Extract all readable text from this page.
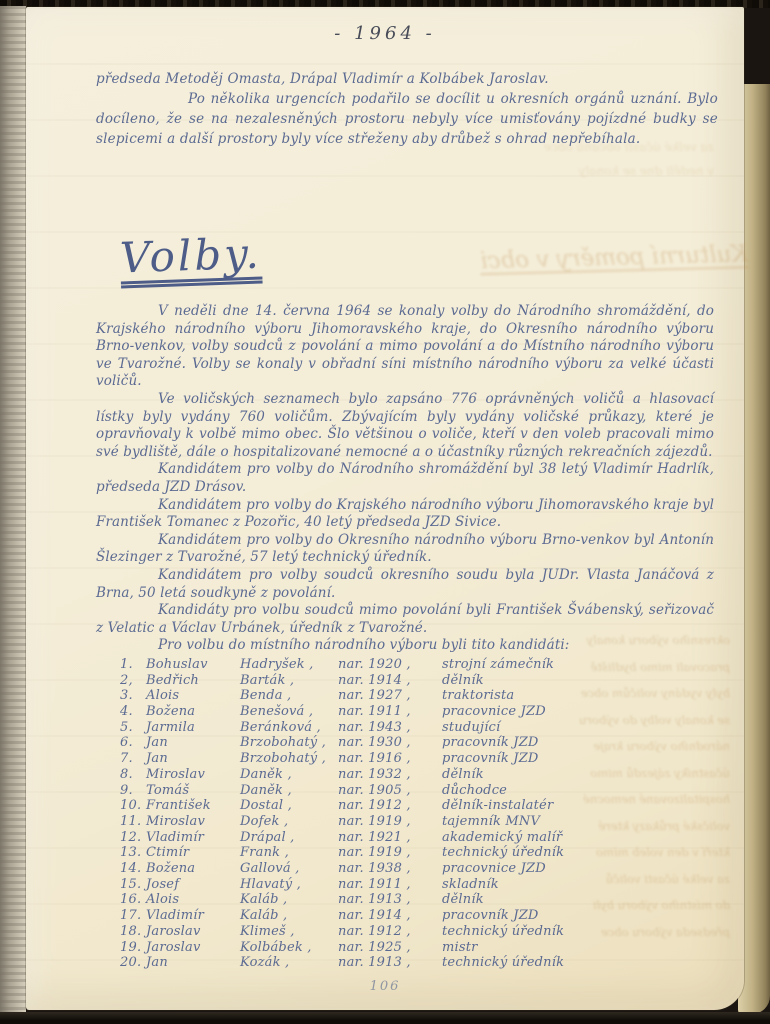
- 1964 -
za velké účasti občanů obce
v neděli dne se konaly

předseda Metoděj Omasta, Drápal Vladimír a Kolbábek Jaroslav.

Po několika urgencích podařilo se docílit u okresních orgánů uznání. Bylo docíleno, že se na nezalesněných prostoru nebyly více umisťovány pojízdné budky se slepicemi a další prostory byly více střeženy aby drůbež s ohrad nepřebíhala.

Kulturní poměry v obci
Volby.

V neděli dne 14. června 1964 se konaly volby do Národního shromáždění, do Krajského národního výboru Jihomoravského kraje, do Okresního národního výboru Brno-venkov, volby soudců z povolání a mimo povolání a do Místního národního výboru ve Tvarožné. Volby se konaly v obřadní síni místního národního výboru za velké účasti voličů.

Ve voličských seznamech bylo zapsáno 776 oprávněných voličů a hlasovací lístky byly vydány 760 voličům. Zbývajícím byly vydány voličské průkazy, které je opravňovaly k volbě mimo obec. Šlo většinou o voliče, kteří v den voleb pracovali mimo své bydliště, dále o hospitalizované nemocné a o účastníky různých rekreačních zájezdů.

Kandidátem pro volby do Národního shromáždění byl 38 letý Vladimír Hadrlík, předseda JZD Drásov.

Kandidátem pro volby do Krajského národního výboru Jihomoravského kraje byl František Tomanec z Pozořic, 40 letý předseda JZD Sivice.

Kandidátem pro volby do Okresního národního výboru Brno-venkov byl Antonín Šlezinger z Tvarožné, 57 letý technický úředník.

Kandidátem pro volby soudců okresního soudu byla JUDr. Vlasta Janáčová z Brna, 50 letá soudkyně z povolání.

Kandidáty pro volbu soudců mimo povolání byli František Švábenský, seřizovač z Velatic a Václav Urbánek, úředník z Tvarožné.

Pro volbu do místního národního výboru byli tito kandidáti:

1.	Bohuslav	Hadryšek ,	nar. 1920 ,	strojní zámečník
2,	Bedřich	Barták ,	nar. 1914 ,	dělník
3.	Alois	Benda ,	nar. 1927 ,	traktorista
4.	Božena	Benešová ,	nar. 1911 ,	pracovnice JZD
5.	Jarmila	Beránková ,	nar. 1943 ,	studující
6.	Jan	Brzobohatý , nar. 1930 ,	pracovník JZD
7.	Jan	Brzobohatý , nar. 1916 ,	pracovník JZD
8.	Miroslav	Daněk ,	nar. 1932 ,	dělník
9.	Tomáš	Daněk ,	nar. 1905 ,	důchodce
10. František	Dostal ,	nar. 1912 ,	dělník-instalatér
11. Miroslav	Dofek ,	nar. 1919 ,	tajemník MNV
12. Vladimír	Drápal ,	nar. 1921 ,	akademický malíř
13. Ctimír	Frank ,	nar. 1919 ,	technický úředník
14. Božena	Gallová ,	nar. 1938 ,	pracovnice JZD
15. Josef	Hlavatý ,	nar. 1911 ,	skladník
16. Alois	Kaláb ,	nar. 1913 ,	dělník
17. Vladimír	Kaláb ,	nar. 1914 ,	pracovník JZD
18. Jaroslav	Klimeš ,	nar. 1912 ,	technický úředník
19. Jaroslav	Kolbábek ,	nar. 1925 ,	mistr
20. Jan	Kozák ,	nar. 1913 ,	technický úředník
okresního výboru konaly
pracovali mimo bydliště
byly vydány voličům obce
se konaly volby do výboru
národního výboru kraje
účastníky zájezdů mimo
hospitalizované nemocné
voličské průkazy které
kteří v den voleb mimo
za velké účasti voličů
do místního výboru byli
předseda výboru obce
106
